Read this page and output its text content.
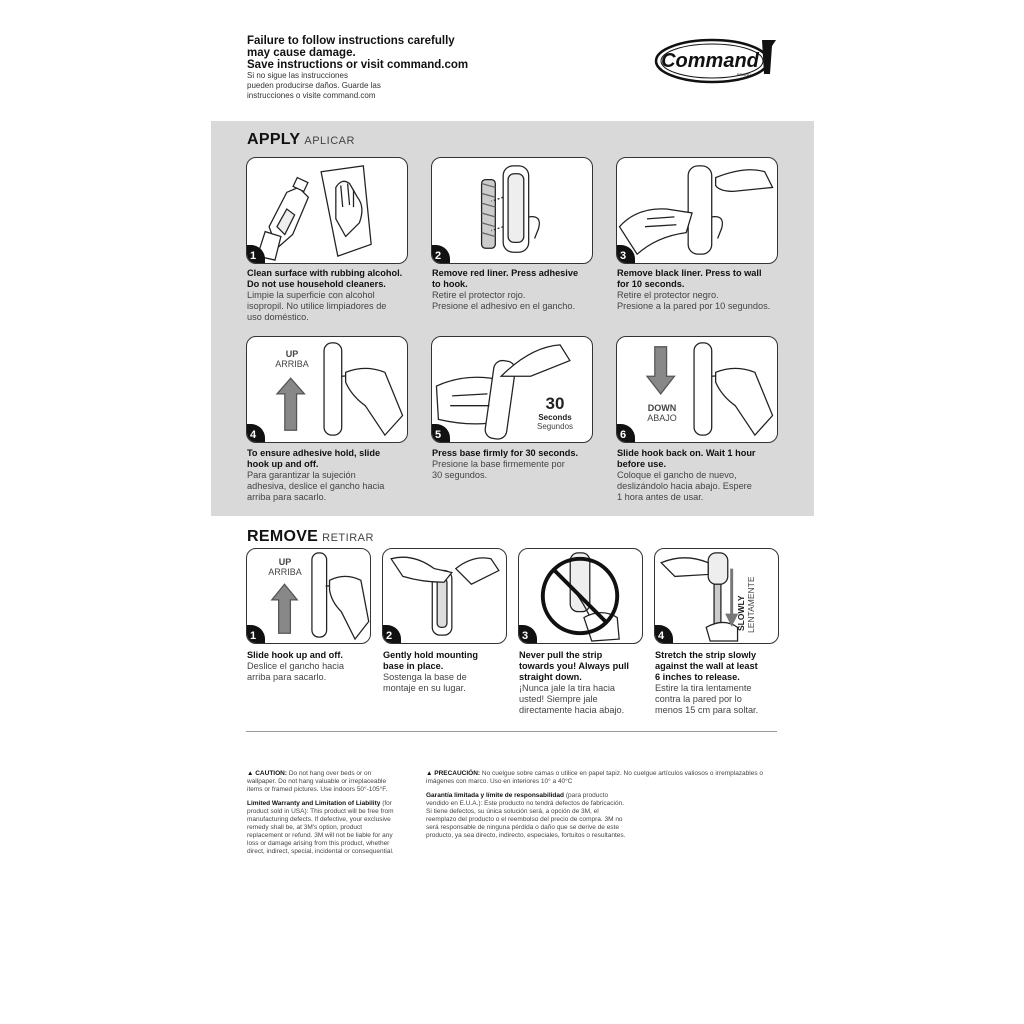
Failure to follow instructions carefully
may cause damage.
Save instructions or visit command.com
Si no sigue las instrucciones
pueden producirse daños. Guarde las
instrucciones o visite command.com
Command
BRAND
APPLY APLICAR
1	2	3
Clean surface with rubbing alcohol.
Do not use household cleaners.
Limpie la superficie con alcohol
isopropil. No utilice limpiadores de
uso doméstico.
Remove red liner. Press adhesive
to hook.
Retire el protector rojo.
Presione el adhesivo en el gancho.
Remove black liner. Press to wall
for 10 seconds.
Retire el protector negro.
Presione a la pared por 10 segundos.
UP
ARRIBA
4
30
Seconds
Segundos
5
DOWN
ABAJO
6
To ensure adhesive hold, slide
hook up and off.
Para garantizar la sujeción
adhesiva, deslice el gancho hacia
arriba para sacarlo.
Press base firmly for 30 seconds.
Presione la base firmemente por
30 segundos.
Slide hook back on. Wait 1 hour
before use.
Coloque el gancho de nuevo,
deslizándolo hacia abajo. Espere
1 hora antes de usar.
REMOVE RETIRAR
UP
ARRIBA
1	2	3
SLOWLY LENTAMENTE
4
Slide hook up and off.
Deslice el gancho hacia
arriba para sacarlo.
Gently hold mounting
base in place.
Sostenga la base de
montaje en su lugar.
Never pull the strip
towards you! Always pull
straight down.
¡Nunca jale la tira hacia
usted! Siempre jale
directamente hacia abajo.
Stretch the strip slowly
against the wall at least
6 inches to release.
Estire la tira lentamente
contra la pared por lo
menos 15 cm para soltar.
▲ CAUTION: Do not hang over beds or on wallpaper. Do not hang valuable or irreplaceable items or framed pictures. Use indoors 50°-105°F.
Limited Warranty and Limitation of Liability (for product sold in USA): This product will be free from manufacturing defects. If defective, your exclusive remedy shall be, at 3M's option, product replacement or refund. 3M will not be liable for any loss or damage arising from this product, whether direct, indirect, special, incidental or consequential.
▲ PRECAUCIÓN: No cuelgue sobre camas o utilice en papel tapiz. No cuelgue artículos valiosos o irremplazables o imágenes con marco. Uso en interiores 10° a 40°C
Garantía limitada y límite de responsabilidad (para producto vendido en E.U.A.): Este producto no tendrá defectos de fabricación. Si tiene defectos, su única solución será, a opción de 3M, el reemplazo del producto o el reembolso del precio de compra. 3M no será responsable de ninguna pérdida o daño que se derive de este producto, ya sea directo, indirecto, especiales, fortuitos o resultantes.
